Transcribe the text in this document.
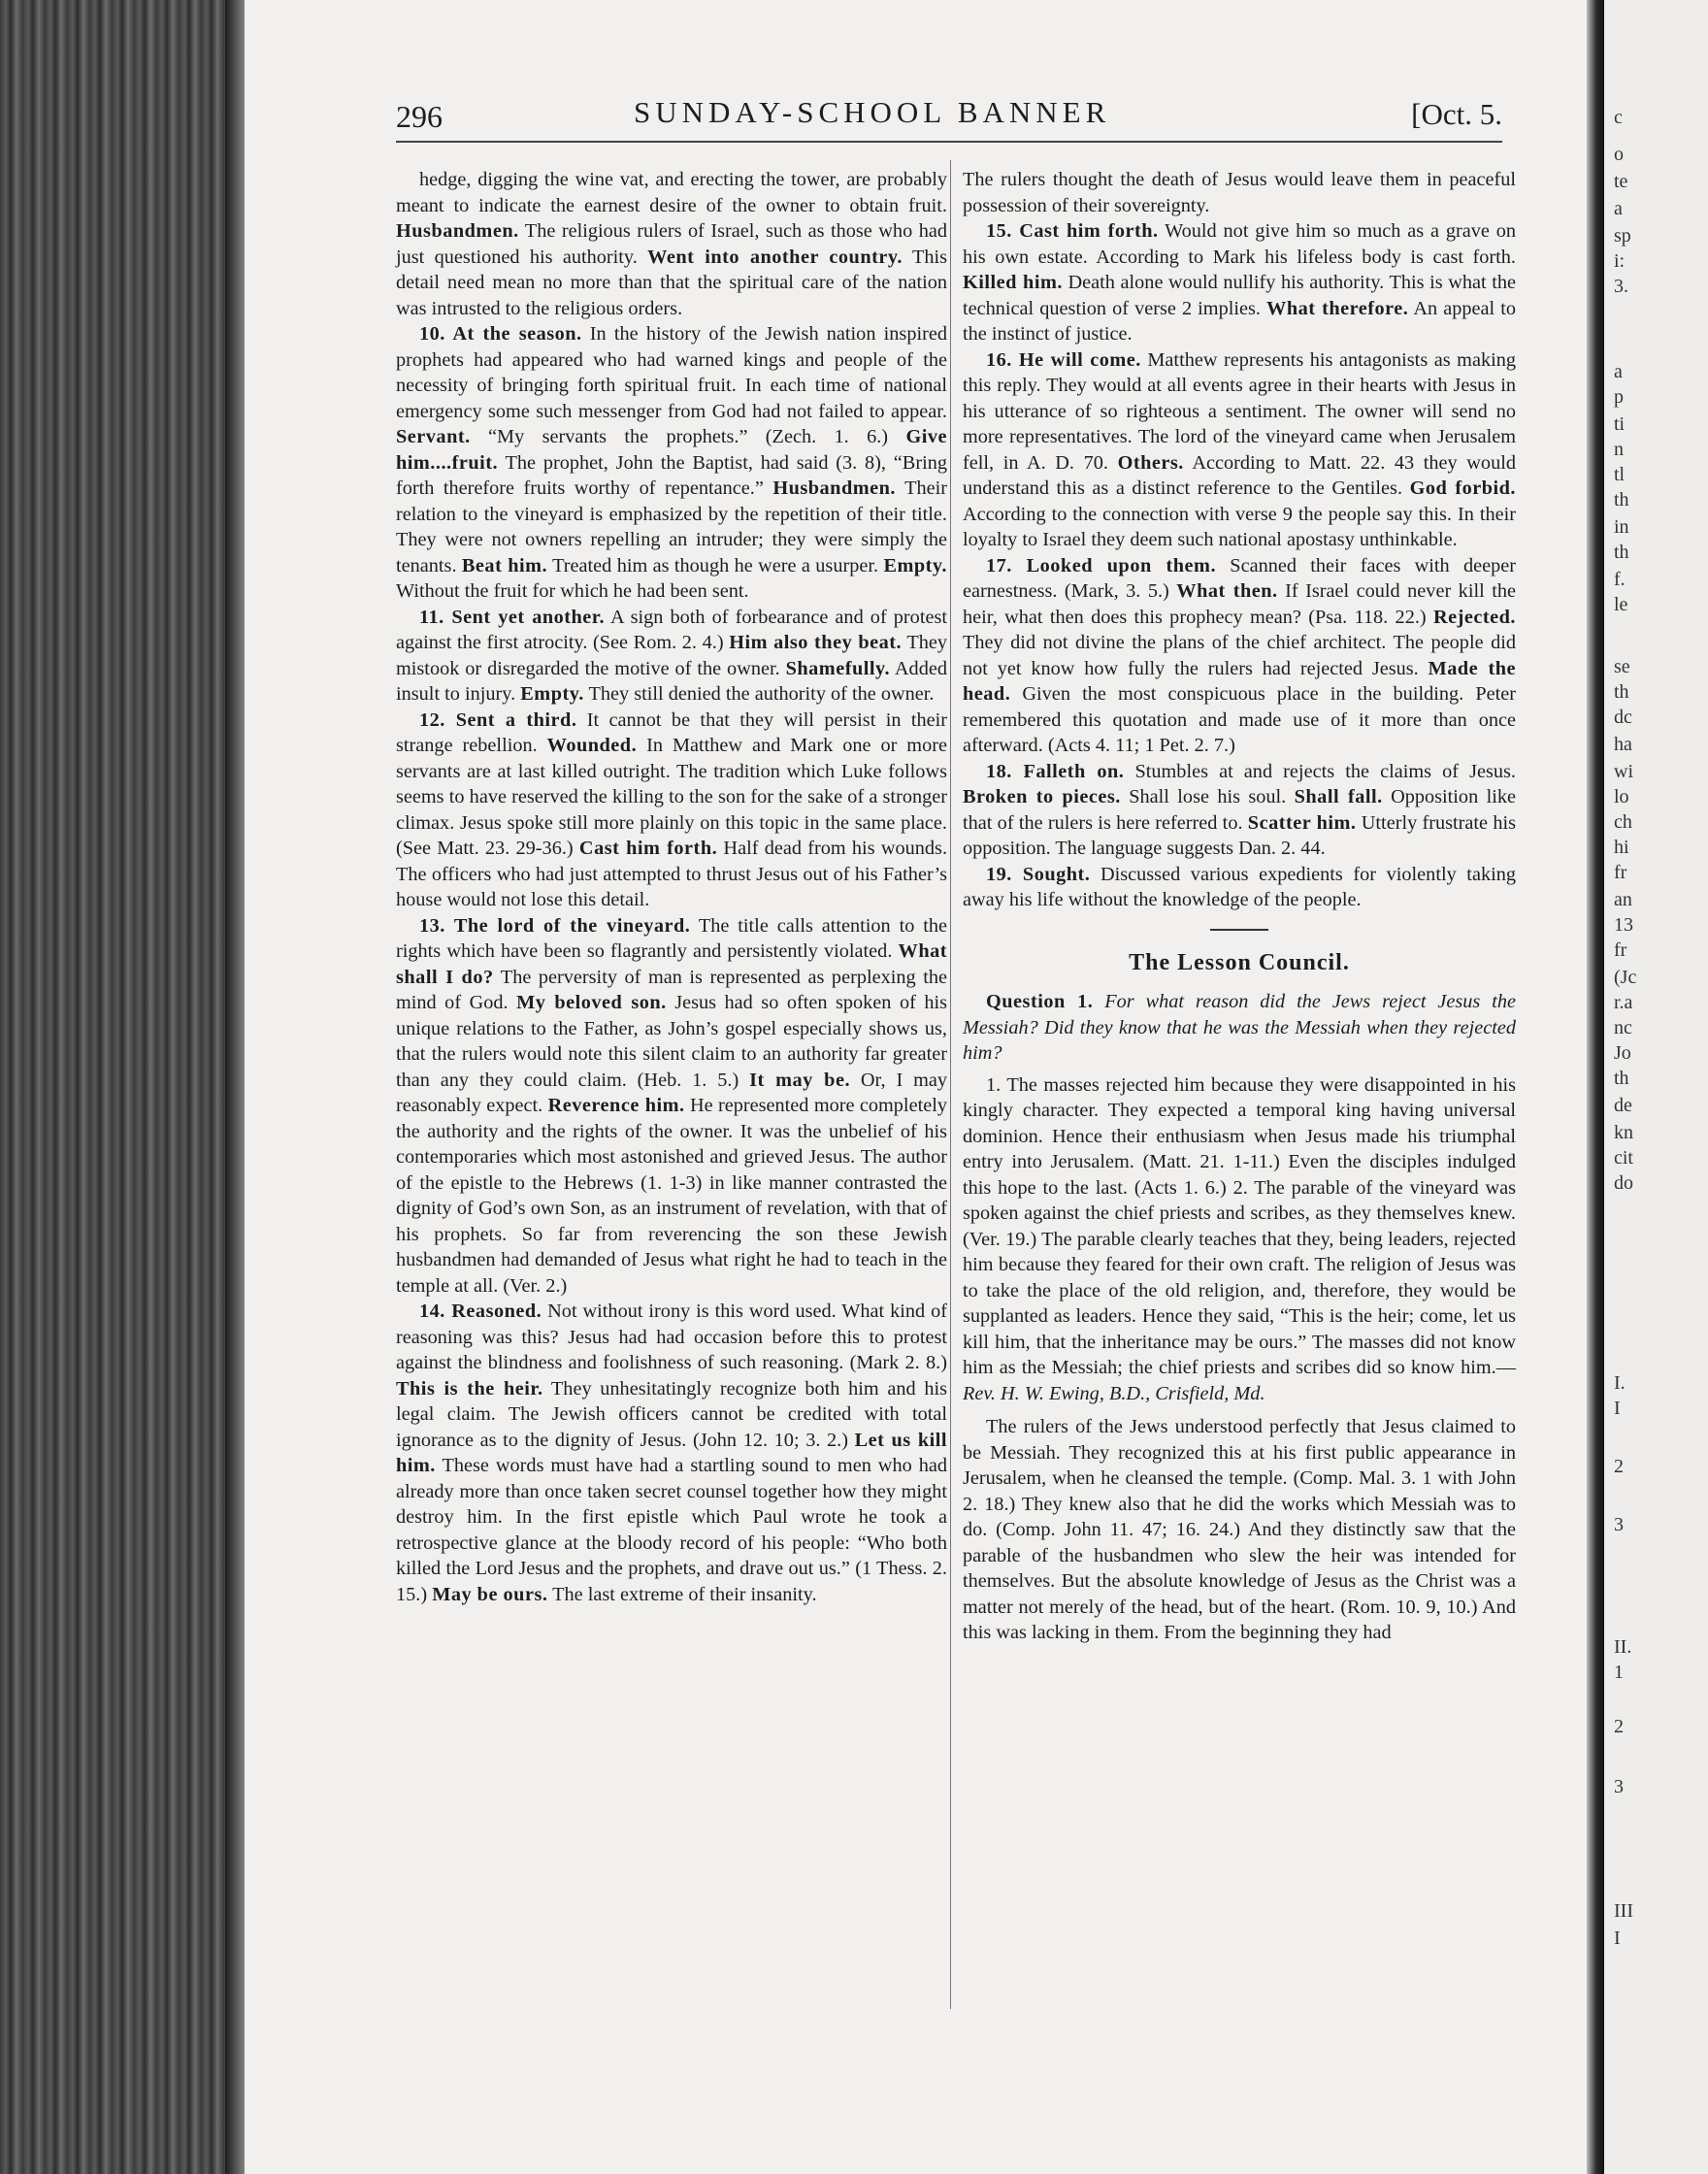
296	SUNDAY-SCHOOL BANNER	[Oct. 5.

hedge, digging the wine vat, and erecting the tower, are probably meant to indicate the earnest desire of the owner to obtain fruit. Husbandmen. The religious rulers of Israel, such as those who had just questioned his authority. Went into another country. This detail need mean no more than that the spiritual care of the nation was intrusted to the religious orders.

10. At the season. In the history of the Jewish nation inspired prophets had appeared who had warned kings and people of the necessity of bringing forth spiritual fruit. In each time of national emergency some such messenger from God had not failed to appear. Servant. “My servants the prophets.” (Zech. 1. 6.) Give him....fruit. The prophet, John the Baptist, had said (3. 8), “Bring forth therefore fruits worthy of repentance.” Husbandmen. Their relation to the vineyard is emphasized by the repetition of their title. They were not owners repelling an intruder; they were simply the tenants. Beat him. Treated him as though he were a usurper. Empty. Without the fruit for which he had been sent.

11. Sent yet another. A sign both of forbearance and of protest against the first atrocity. (See Rom. 2. 4.) Him also they beat. They mistook or disregarded the motive of the owner. Shamefully. Added insult to injury. Empty. They still denied the authority of the owner.

12. Sent a third. It cannot be that they will persist in their strange rebellion. Wounded. In Matthew and Mark one or more servants are at last killed outright. The tradition which Luke follows seems to have reserved the killing to the son for the sake of a stronger climax. Jesus spoke still more plainly on this topic in the same place. (See Matt. 23. 29-36.) Cast him forth. Half dead from his wounds. The officers who had just attempted to thrust Jesus out of his Father’s house would not lose this detail.

13. The lord of the vineyard. The title calls attention to the rights which have been so flagrantly and persistently violated. What shall I do? The perversity of man is represented as perplexing the mind of God. My beloved son. Jesus had so often spoken of his unique relations to the Father, as John’s gospel especially shows us, that the rulers would note this silent claim to an authority far greater than any they could claim. (Heb. 1. 5.) It may be. Or, I may reasonably expect. Reverence him. He represented more completely the authority and the rights of the owner. It was the unbelief of his contemporaries which most astonished and grieved Jesus. The author of the epistle to the Hebrews (1. 1-3) in like manner contrasted the dignity of God’s own Son, as an instrument of revelation, with that of his prophets. So far from reverencing the son these Jewish husbandmen had demanded of Jesus what right he had to teach in the temple at all. (Ver. 2.)

14. Reasoned. Not without irony is this word used. What kind of reasoning was this? Jesus had had occasion before this to protest against the blindness and foolishness of such reasoning. (Mark 2. 8.) This is the heir. They unhesitatingly recognize both him and his legal claim. The Jewish officers cannot be credited with total ignorance as to the dignity of Jesus. (John 12. 10; 3. 2.) Let us kill him. These words must have had a startling sound to men who had already more than once taken secret counsel together how they might destroy him. In the first epistle which Paul wrote he took a retrospective glance at the bloody record of his people: “Who both killed the Lord Jesus and the prophets, and drave out us.” (1 Thess. 2. 15.) May be ours. The last extreme of their insanity.

The rulers thought the death of Jesus would leave them in peaceful possession of their sovereignty.

15. Cast him forth. Would not give him so much as a grave on his own estate. According to Mark his lifeless body is cast forth. Killed him. Death alone would nullify his authority. This is what the technical question of verse 2 implies. What therefore. An appeal to the instinct of justice.

16. He will come. Matthew represents his antagonists as making this reply. They would at all events agree in their hearts with Jesus in his utterance of so righteous a sentiment. The owner will send no more representatives. The lord of the vineyard came when Jerusalem fell, in A. D. 70. Others. According to Matt. 22. 43 they would understand this as a distinct reference to the Gentiles. God forbid. According to the connection with verse 9 the people say this. In their loyalty to Israel they deem such national apostasy unthinkable.

17. Looked upon them. Scanned their faces with deeper earnestness. (Mark, 3. 5.) What then. If Israel could never kill the heir, what then does this prophecy mean? (Psa. 118. 22.) Rejected. They did not divine the plans of the chief architect. The people did not yet know how fully the rulers had rejected Jesus. Made the head. Given the most conspicuous place in the building. Peter remembered this quotation and made use of it more than once afterward. (Acts 4. 11; 1 Pet. 2. 7.)

18. Falleth on. Stumbles at and rejects the claims of Jesus. Broken to pieces. Shall lose his soul. Shall fall. Opposition like that of the rulers is here referred to. Scatter him. Utterly frustrate his opposition. The language suggests Dan. 2. 44.

19. Sought. Discussed various expedients for violently taking away his life without the knowledge of the people.

The Lesson Council.

Question 1. For what reason did the Jews reject Jesus the Messiah? Did they know that he was the Messiah when they rejected him?

1. The masses rejected him because they were disappointed in his kingly character. They expected a temporal king having universal dominion. Hence their enthusiasm when Jesus made his triumphal entry into Jerusalem. (Matt. 21. 1-11.) Even the disciples indulged this hope to the last. (Acts 1. 6.) 2. The parable of the vineyard was spoken against the chief priests and scribes, as they themselves knew. (Ver. 19.) The parable clearly teaches that they, being leaders, rejected him because they feared for their own craft. The religion of Jesus was to take the place of the old religion, and, therefore, they would be supplanted as leaders. Hence they said, “This is the heir; come, let us kill him, that the inheritance may be ours.” The masses did not know him as the Messiah; the chief priests and scribes did so know him.—Rev. H. W. Ewing, B.D., Crisfield, Md.

The rulers of the Jews understood perfectly that Jesus claimed to be Messiah. They recognized this at his first public appearance in Jerusalem, when he cleansed the temple. (Comp. Mal. 3. 1 with John 2. 18.) They knew also that he did the works which Messiah was to do. (Comp. John 11. 47; 16. 24.) And they distinctly saw that the parable of the husbandmen who slew the heir was intended for themselves. But the absolute knowledge of Jesus as the Christ was a matter not merely of the head, but of the heart. (Rom. 10. 9, 10.) And this was lacking in them. From the beginning they had

c
o
te
a
sp
i:
3.
a
p
ti
n
tl
th
in
th
f.
le
se
th
dc
ha
wi
lo
ch
hi
fr
an
13
fr
(Jc
r.a
nc
Jo
th
de
kn
cit
do
I.
I
2
3
II.
1
2
3
III
I
